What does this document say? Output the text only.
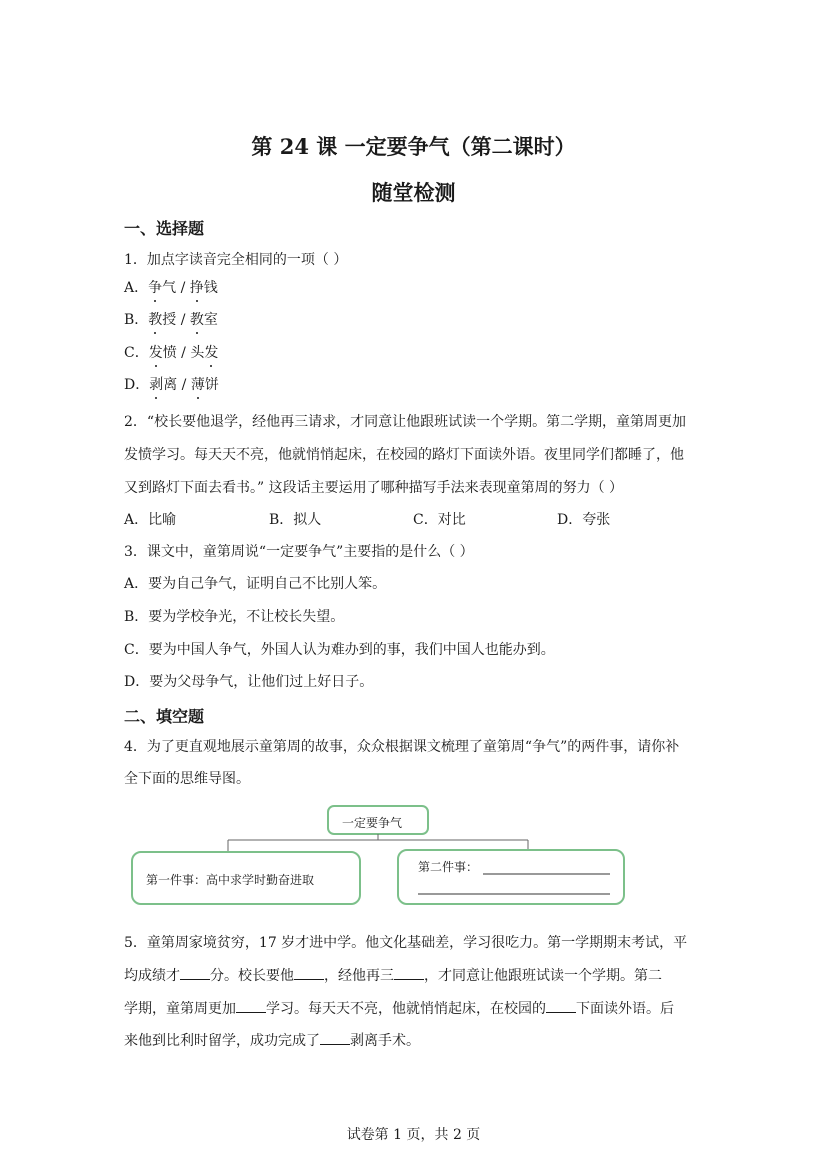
第 24 课 一定要争气（第二课时）
随堂检测
一、选择题
1．加点字读音完全相同的一项（ ）
A．争气 / 挣钱
B．教授 / 教室
C．发愤 / 头发
D．剥离 / 薄饼
2．“校长要他退学，经他再三请求，才同意让他跟班试读一个学期。第二学期，童第周更加
发愤学习。每天天不亮，他就悄悄起床，在校园的路灯下面读外语。夜里同学们都睡了，他
又到路灯下面去看书。” 这段话主要运用了哪种描写手法来表现童第周的努力（ ）
A．比喻	B．拟人	C．对比	D．夸张
3．课文中，童第周说“一定要争气”主要指的是什么（ ）
A．要为自己争气，证明自己不比别人笨。
B．要为学校争光，不让校长失望。
C．要为中国人争气，外国人认为难办到的事，我们中国人也能办到。
D．要为父母争气，让他们过上好日子。
二、填空题
4．为了更直观地展示童第周的故事，众众根据课文梳理了童第周“争气”的两件事，请你补
全下面的思维导图。
一定要争气
第一件事：高中求学时勤奋进取
第二件事：
5．童第周家境贫穷，17 岁才进中学。他文化基础差，学习很吃力。第一学期期末考试，平
均成绩才 分。校长要他 ，经他再三 ，才同意让他跟班试读一个学期。第二
学期，童第周更加 学习。每天天不亮，他就悄悄起床，在校园的 下面读外语。后
来他到比利时留学，成功完成了 剥离手术。
试卷第 1 页，共 2 页
